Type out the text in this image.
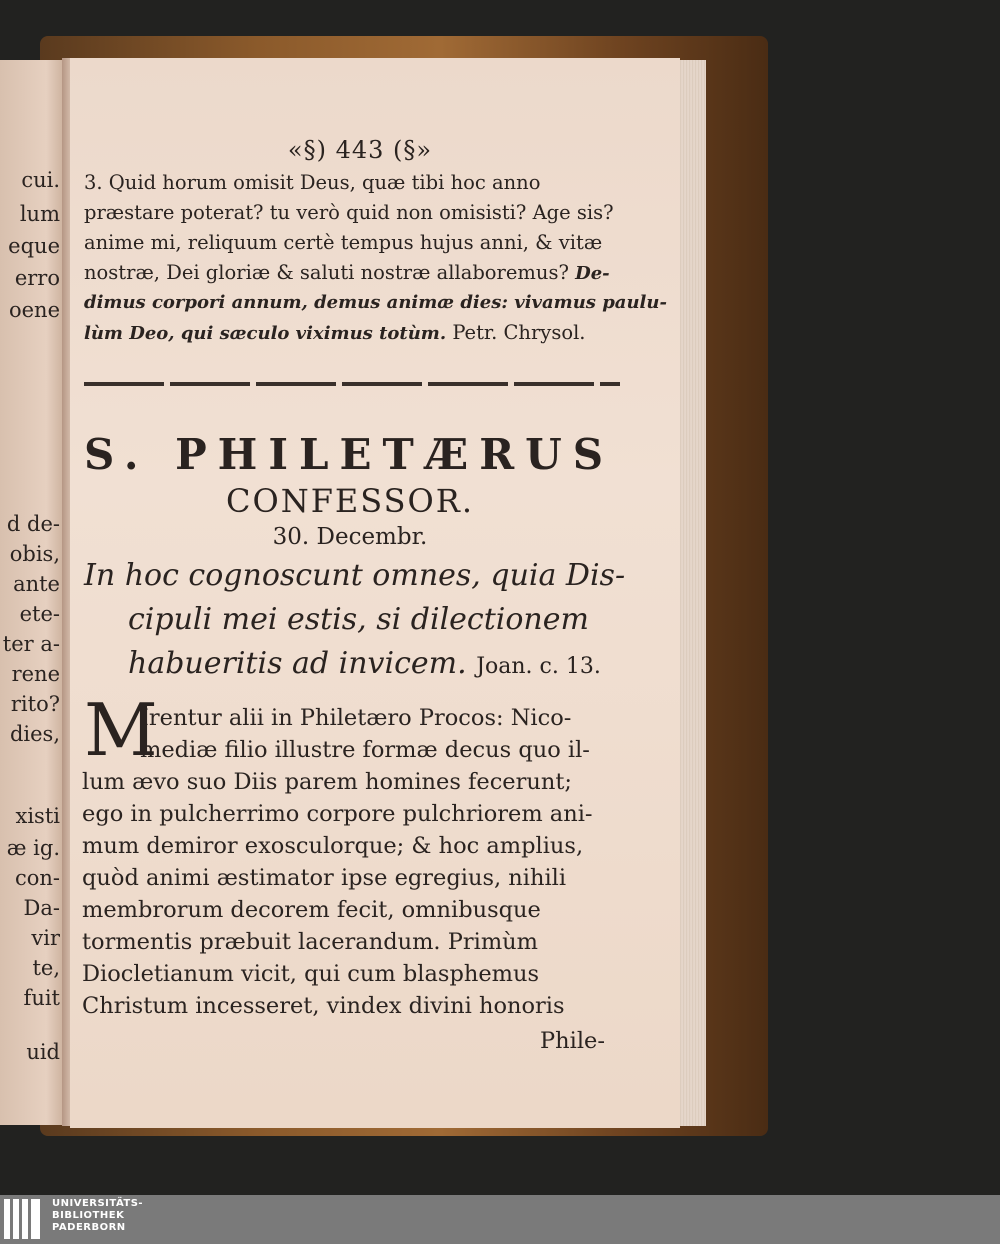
cui.
lum
eque
erro
oene
d de-
obis,
ante
ete-
ter a-
rene
rito?
dies,
xisti
æ ig.
con-
Da-
vir
te,
fuit
uid
«§) 443 (§»
3. Quid horum omisit Deus, quæ tibi hoc anno
præstare poterat? tu verò quid non omisisti? Age sis?
anime mi, reliquum certè tempus hujus anni, & vitæ
nostræ, Dei gloriæ & saluti nostræ allaboremus? De-
dimus corpori annum, demus animæ dies: vivamus paulu-
lùm Deo, qui sæculo viximus totùm. Petr. Chrysol.
S. PHILETÆRUS
CONFESSOR.
30. Decembr.
In hoc cognoscunt omnes, quia Dis-
cipuli mei estis, si dilectionem
habueritis ad invicem. Joan. c. 13.
M
Irentur alii in Philetæro Procos: Nico-
mediæ filio illustre formæ decus quo il-
lum ævo suo Diis parem homines fecerunt;
ego in pulcherrimo corpore pulchriorem ani-
mum demiror exosculorque; & hoc amplius,
quòd animi æstimator ipse egregius, nihili
membrorum decorem fecit, omnibusque
tormentis præbuit lacerandum. Primùm
Diocletianum vicit, qui cum blasphemus
Christum incesseret, vindex divini honoris
Phile-
UNIVERSITÄTS-
BIBLIOTHEK
PADERBORN
